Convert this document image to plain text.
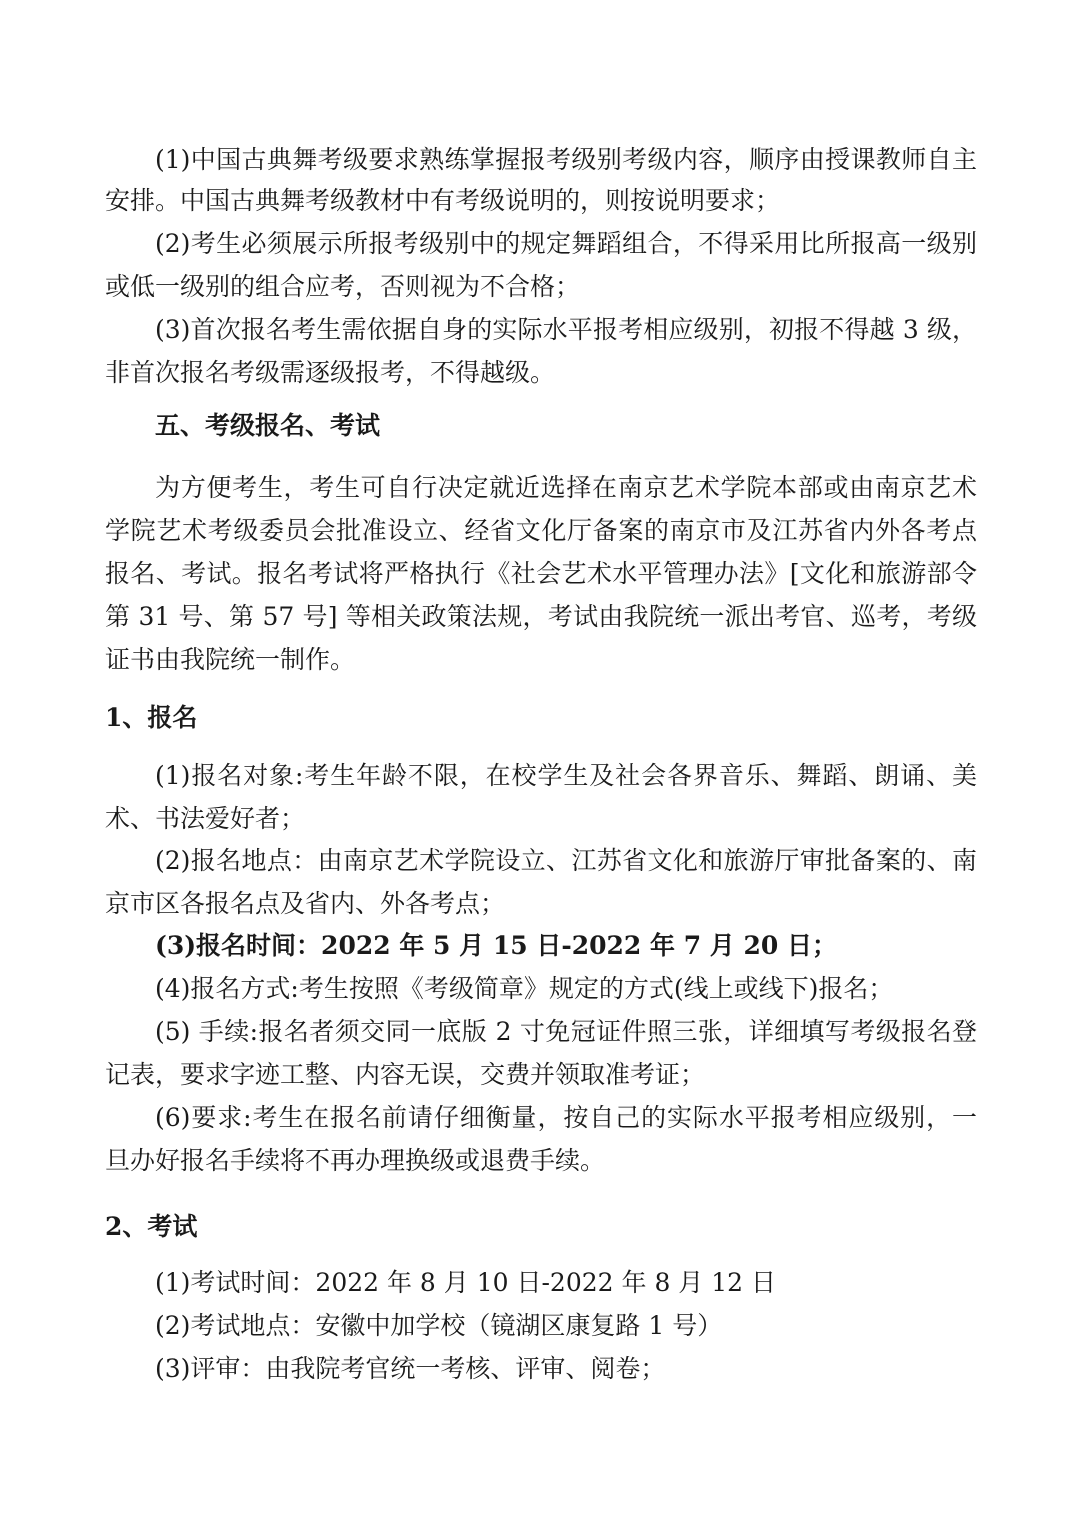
(1)中国古典舞考级要求熟练掌握报考级别考级内容，顺序由授课教师自主
安排。中国古典舞考级教材中有考级说明的，则按说明要求；
(2)考生必须展示所报考级别中的规定舞蹈组合，不得采用比所报高一级别
或低一级别的组合应考，否则视为不合格；
(3)首次报名考生需依据自身的实际水平报考相应级别，初报不得越 3 级，
非首次报名考级需逐级报考，不得越级。
五、考级报名、考试
为方便考生，考生可自行决定就近选择在南京艺术学院本部或由南京艺术
学院艺术考级委员会批准设立、经省文化厅备案的南京市及江苏省内外各考点
报名、考试。报名考试将严格执行《社会艺术水平管理办法》[文化和旅游部令
第 31 号、第 57 号] 等相关政策法规，考试由我院统一派出考官、巡考，考级
证书由我院统一制作。
1、报名
(1)报名对象:考生年龄不限，在校学生及社会各界音乐、舞蹈、朗诵、美
术、书法爱好者；
(2)报名地点：由南京艺术学院设立、江苏省文化和旅游厅审批备案的、南
京市区各报名点及省内、外各考点；
(3)报名时间：2022 年 5 月 15 日-2022 年 7 月 20 日；
(4)报名方式:考生按照《考级简章》规定的方式(线上或线下)报名；
(5) 手续:报名者须交同一底版 2 寸免冠证件照三张，详细填写考级报名登
记表，要求字迹工整、内容无误，交费并领取准考证；
(6)要求:考生在报名前请仔细衡量，按自己的实际水平报考相应级别，一
旦办好报名手续将不再办理换级或退费手续。
2、考试
(1)考试时间：2022 年 8 月 10 日-2022 年 8 月 12 日
(2)考试地点：安徽中加学校（镜湖区康复路 1 号）
(3)评审：由我院考官统一考核、评审、阅卷；
